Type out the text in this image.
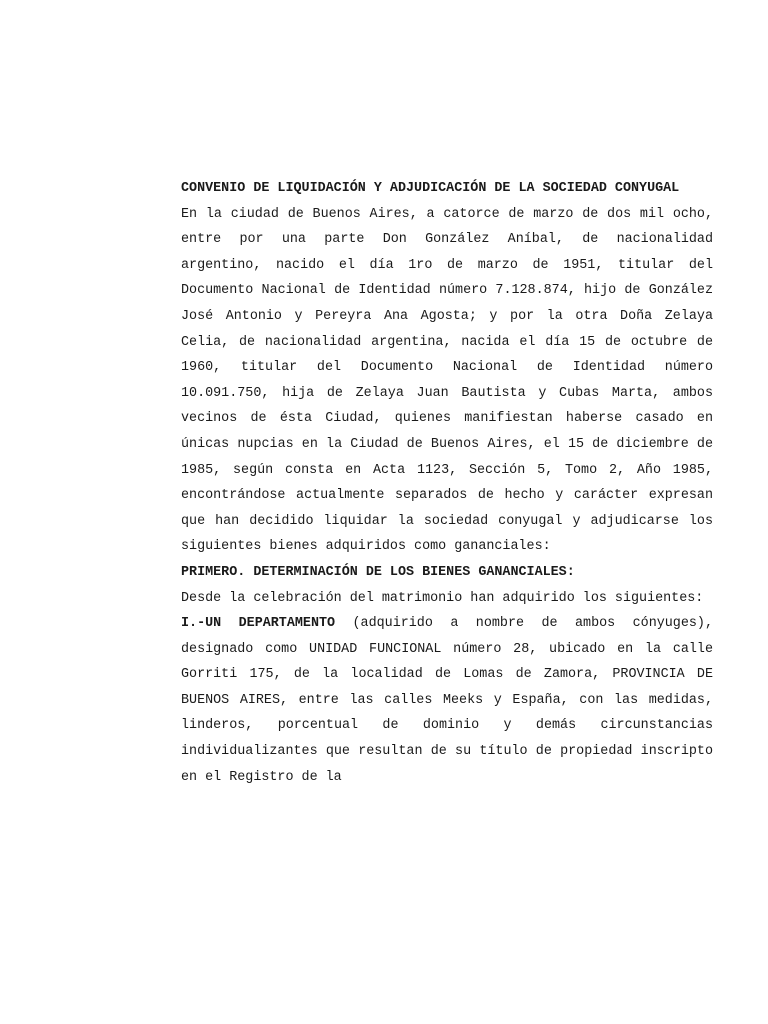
CONVENIO DE LIQUIDACIÓN Y ADJUDICACIÓN DE LA SOCIEDAD CONYUGAL

En la ciudad de Buenos Aires, a catorce de marzo de dos mil ocho, entre por una parte Don González Aníbal, de nacionalidad argentino, nacido el día 1ro de marzo de 1951, titular del Documento Nacional de Identidad número 7.128.874, hijo de González José Antonio y Pereyra Ana Agosta; y por la otra Doña Zelaya Celia, de nacionalidad argentina, nacida el día 15 de octubre de 1960, titular del Documento Nacional de Identidad número 10.091.750, hija de Zelaya Juan Bautista y Cubas Marta, ambos vecinos de ésta Ciudad, quienes manifiestan haberse casado en únicas nupcias en la Ciudad de Buenos Aires, el 15 de diciembre de 1985, según consta en Acta 1123, Sección 5, Tomo 2, Año 1985, encontrándose actualmente separados de hecho y carácter expresan que han decidido liquidar la sociedad conyugal y adjudicarse los siguientes bienes adquiridos como gananciales:

PRIMERO. DETERMINACIÓN DE LOS BIENES GANANCIALES:

Desde la celebración del matrimonio han adquirido los siguientes:

I.-UN DEPARTAMENTO (adquirido a nombre de ambos cónyuges), designado como UNIDAD FUNCIONAL número 28, ubicado en la calle Gorriti 175, de la localidad de Lomas de Zamora, PROVINCIA DE BUENOS AIRES, entre las calles Meeks y España, con las medidas, linderos, porcentual de dominio y demás circunstancias individualizantes que resultan de su título de propiedad inscripto en el Registro de la
